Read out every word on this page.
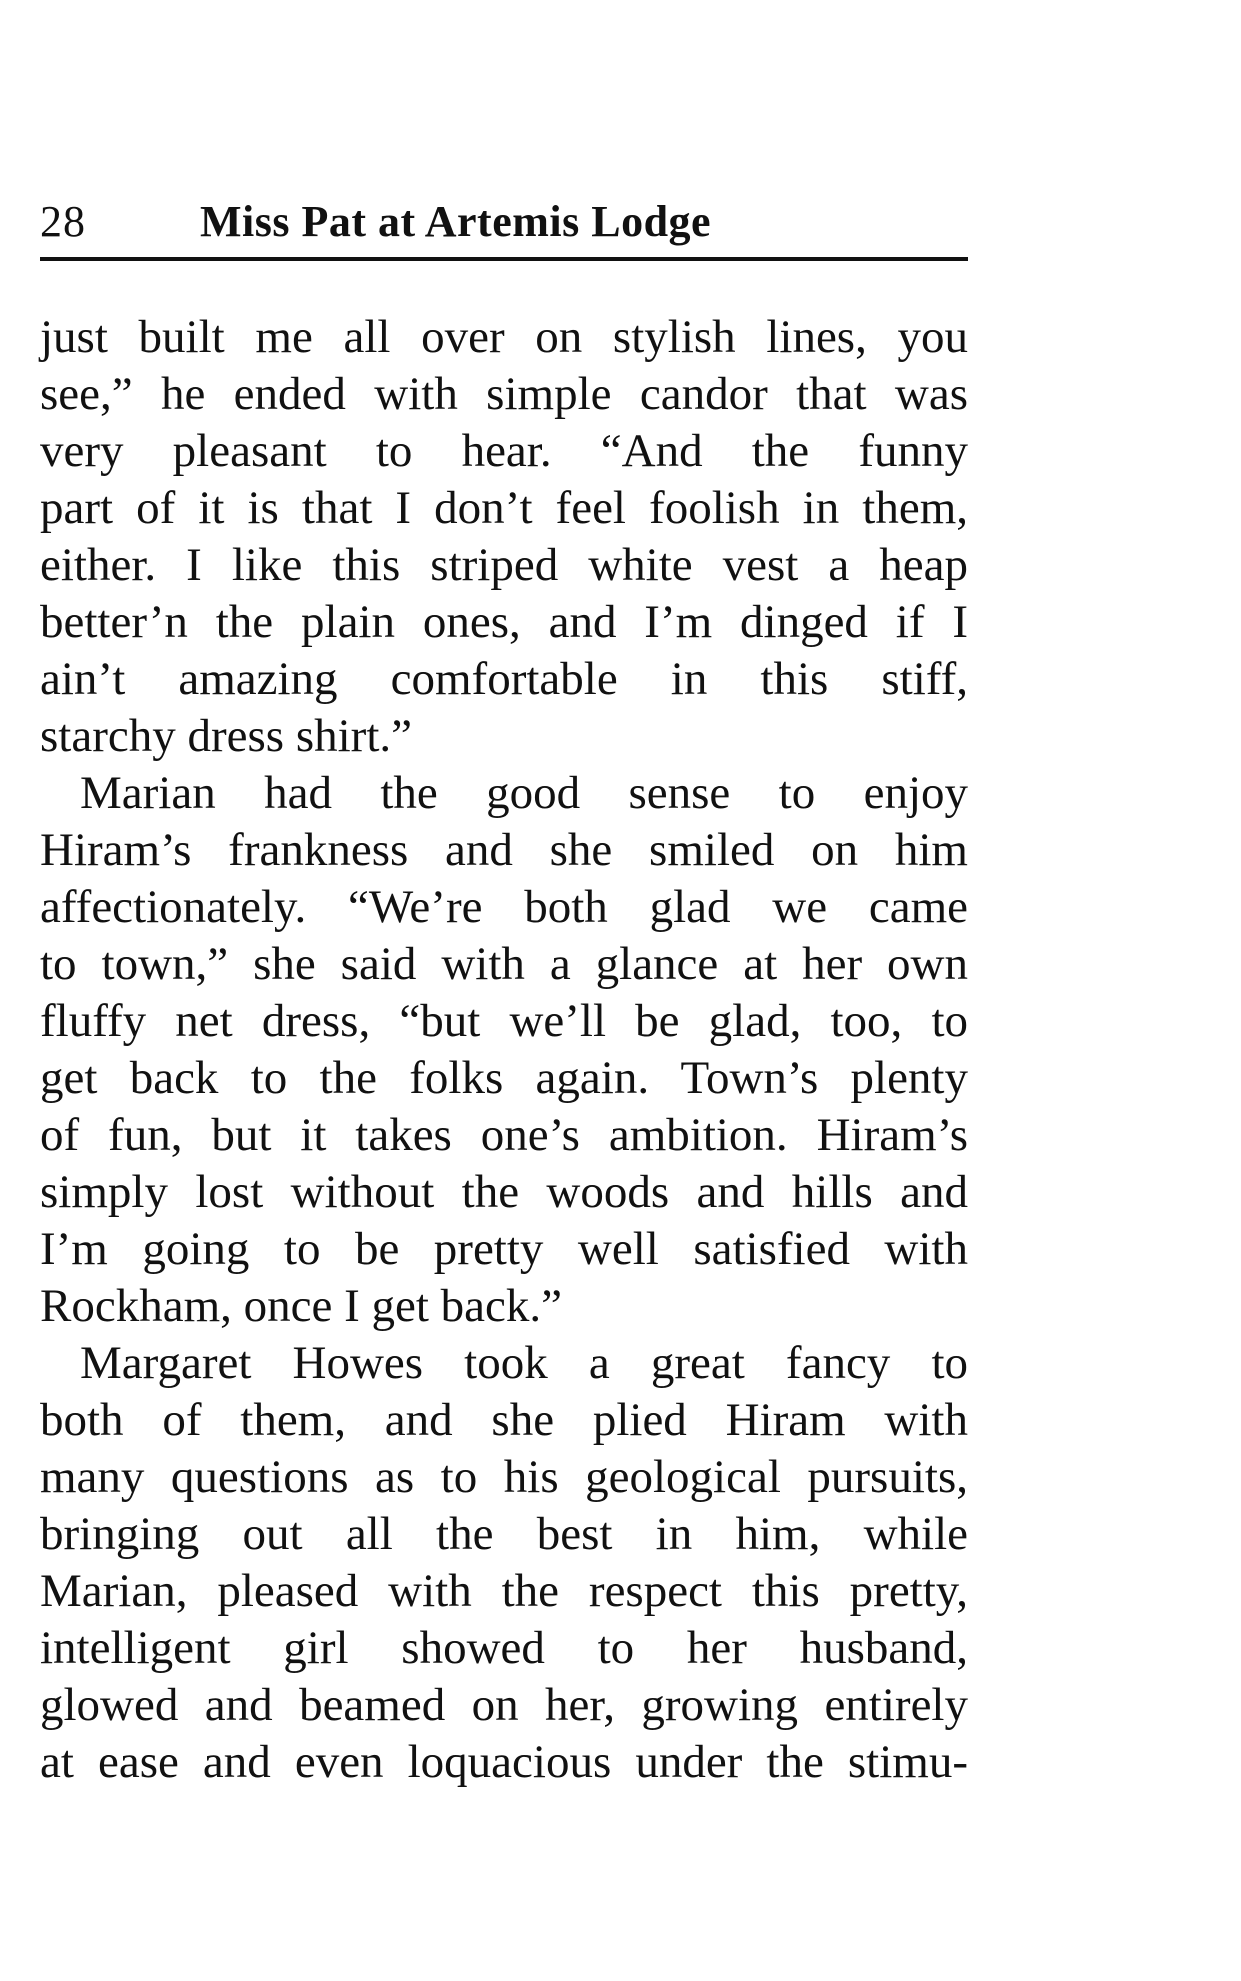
28	Miss Pat at Artemis Lodge
just built me all over on stylish lines, you
see,” he ended with simple candor that was
very pleasant to hear. “And the funny
part of it is that I don’t feel foolish in them,
either. I like this striped white vest a heap
better’n the plain ones, and I’m dinged if I
ain’t amazing comfortable in this stiff,
starchy dress shirt.”
Marian had the good sense to enjoy
Hiram’s frankness and she smiled on him
affectionately. “We’re both glad we came
to town,” she said with a glance at her own
fluffy net dress, “but we’ll be glad, too, to
get back to the folks again. Town’s plenty
of fun, but it takes one’s ambition. Hiram’s
simply lost without the woods and hills and
I’m going to be pretty well satisfied with
Rockham, once I get back.”
Margaret Howes took a great fancy to
both of them, and she plied Hiram with
many questions as to his geological pursuits,
bringing out all the best in him, while
Marian, pleased with the respect this pretty,
intelligent girl showed to her husband,
glowed and beamed on her, growing entirely
at ease and even loquacious under the stimu-
